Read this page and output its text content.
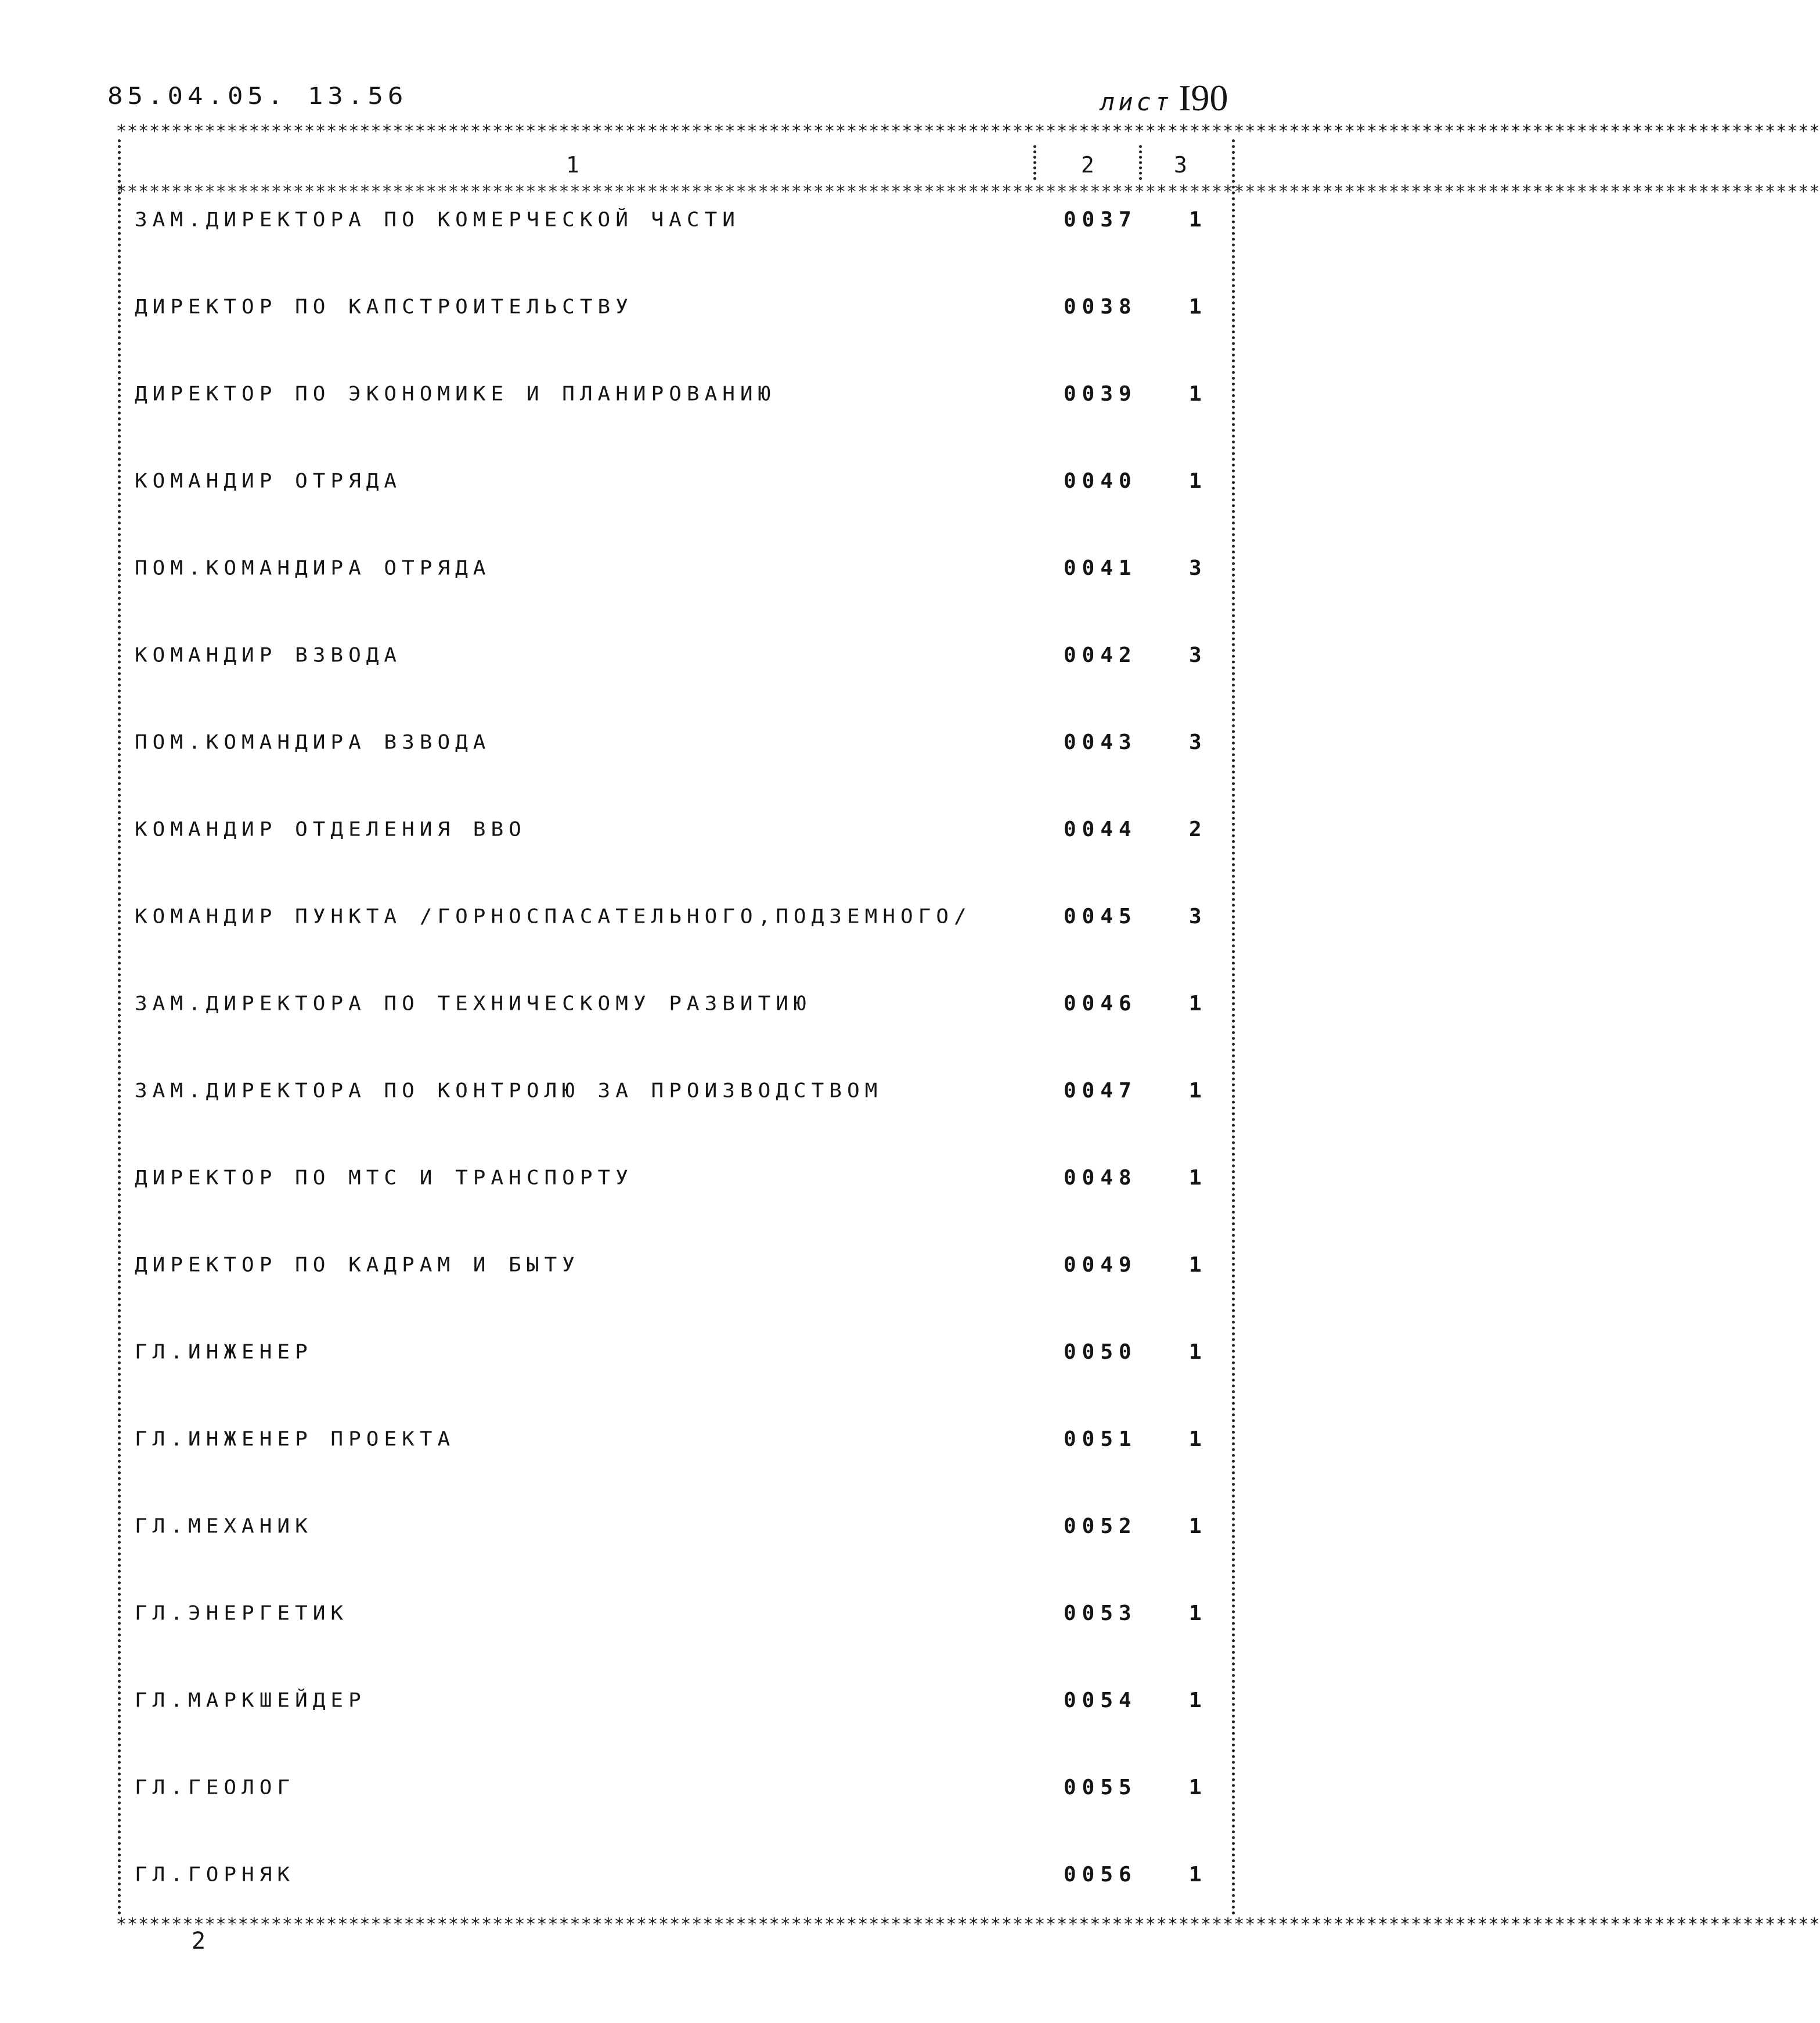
85.04.05. 13.56	лист I90
**********************************************************************************************************************************************************
**********************************************************************************************************************************************************
**********************************************************************************************************************************************************
1	2	3
ЗАМ.ДИРЕКТОРА ПО КОМЕРЧЕСКОЙ ЧАСТИ	0037 1
ДИРЕКТОР ПО КАПСТРОИТЕЛЬСТВУ	0038 1
ДИРЕКТОР ПО ЭКОНОМИКЕ И ПЛАНИРОВАНИЮ	0039 1
КОМАНДИР ОТРЯДА	0040 1
ПОМ.КОМАНДИРА ОТРЯДА	0041 3
КОМАНДИР ВЗВОДА	0042 3
ПОМ.КОМАНДИРА ВЗВОДА	0043 3
КОМАНДИР ОТДЕЛЕНИЯ ВВО	0044 2
КОМАНДИР ПУНКТА /ГОРНОСПАСАТЕЛЬНОГО,ПОДЗЕМНОГО/	0045 3
ЗАМ.ДИРЕКТОРА ПО ТЕХНИЧЕСКОМУ РАЗВИТИЮ	0046 1
ЗАМ.ДИРЕКТОРА ПО КОНТРОЛЮ ЗА ПРОИЗВОДСТВОМ	0047 1
ДИРЕКТОР ПО МТС И ТРАНСПОРТУ	0048 1
ДИРЕКТОР ПО КАДРАМ И БЫТУ	0049 1
ГЛ.ИНЖЕНЕР	0050 1
ГЛ.ИНЖЕНЕР ПРОЕКТА	0051 1
ГЛ.МЕХАНИК	0052 1
ГЛ.ЭНЕРГЕТИК	0053 1
ГЛ.МАРКШЕЙДЕР	0054 1
ГЛ.ГЕОЛОГ	0055 1
ГЛ.ГОРНЯК	0056 1
2
